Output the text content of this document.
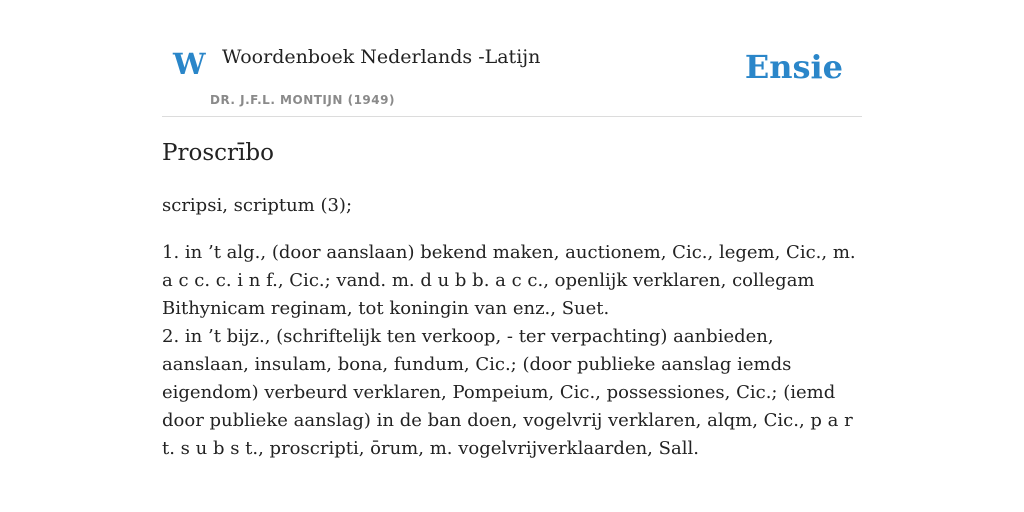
W Woordenboek Nederlands -Latijn
DR. J.F.L. MONTIJN (1949)
Ensie
Proscrībo
scripsi, scriptum (3);
1. in ’t alg., (door aanslaan) bekend maken, auctionem, Cic., legem, Cic., m. a c c. c. i n f., Cic.; vand. m. d u b b. a c c., openlijk verklaren, collegam Bithynicam reginam, tot koningin van enz., Suet.
2. in ’t bijz., (schriftelijk ten verkoop, - ter verpachting) aanbieden, aanslaan, insulam, bona, fundum, Cic.; (door publieke aanslag iemds eigendom) verbeurd verklaren, Pompeium, Cic., possessiones, Cic.; (iemd door publieke aanslag) in de ban doen, vogelvrij verklaren, alqm, Cic., p a r t. s u b s t., proscripti, ōrum, m. vogelvrijverklaarden, Sall.
